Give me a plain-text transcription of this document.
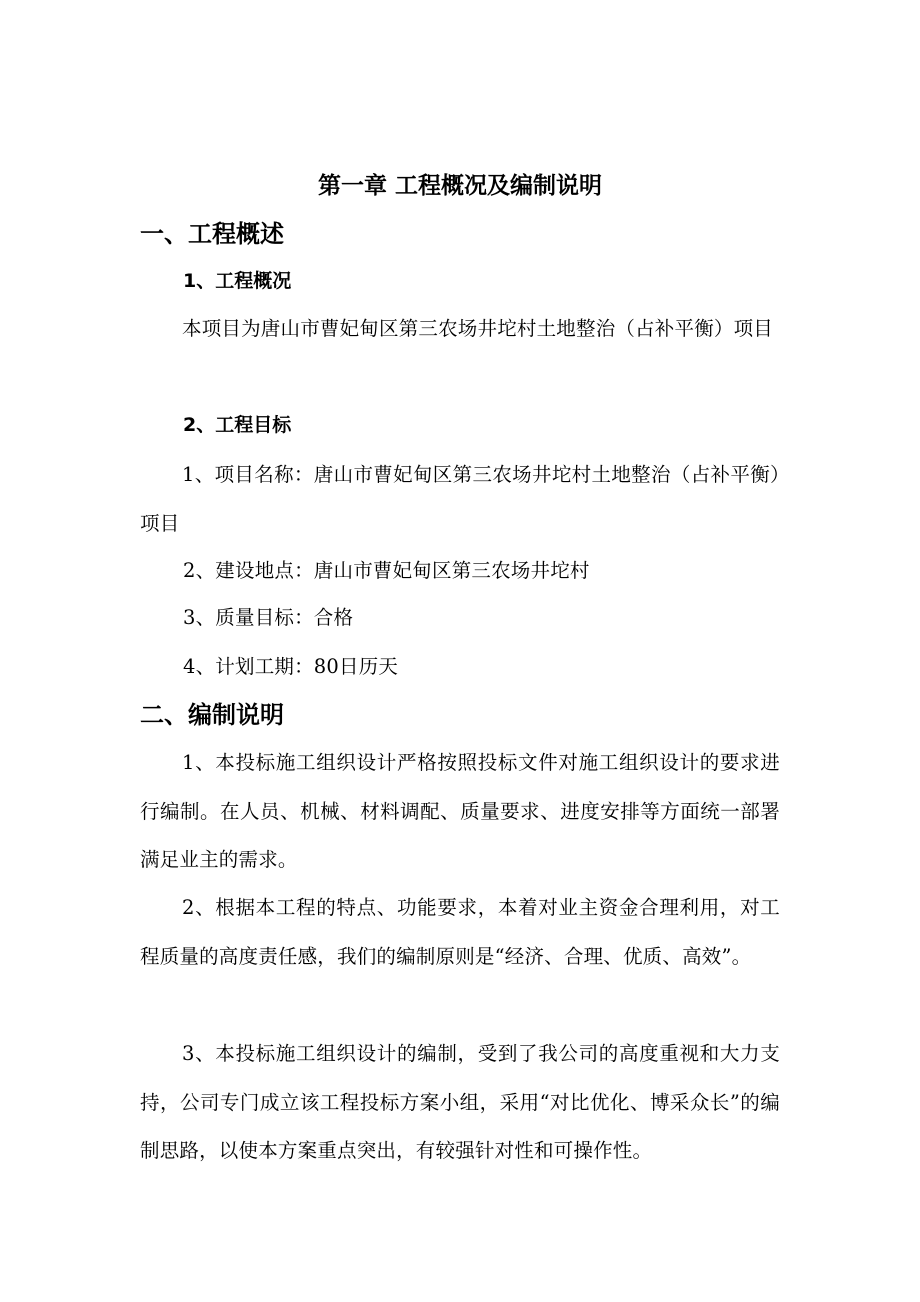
第一章 工程概况及编制说明
一、工程概述
1、工程概况
本项目为唐山市曹妃甸区第三农场井坨村土地整治（占补平衡）项目
2、工程目标
1、项目名称：唐山市曹妃甸区第三农场井坨村土地整治（占补平衡）项目
2、建设地点：唐山市曹妃甸区第三农场井坨村
3、质量目标：合格
4、计划工期：80日历天
二、编制说明
1、本投标施工组织设计严格按照投标文件对施工组织设计的要求进行编制。在人员、机械、材料调配、质量要求、进度安排等方面统一部署满足业主的需求。
2、根据本工程的特点、功能要求，本着对业主资金合理利用，对工程质量的高度责任感，我们的编制原则是“经济、合理、优质、高效”。
3、本投标施工组织设计的编制，受到了我公司的高度重视和大力支持，公司专门成立该工程投标方案小组，采用“对比优化、博采众长”的编制思路，以使本方案重点突出，有较强针对性和可操作性。
